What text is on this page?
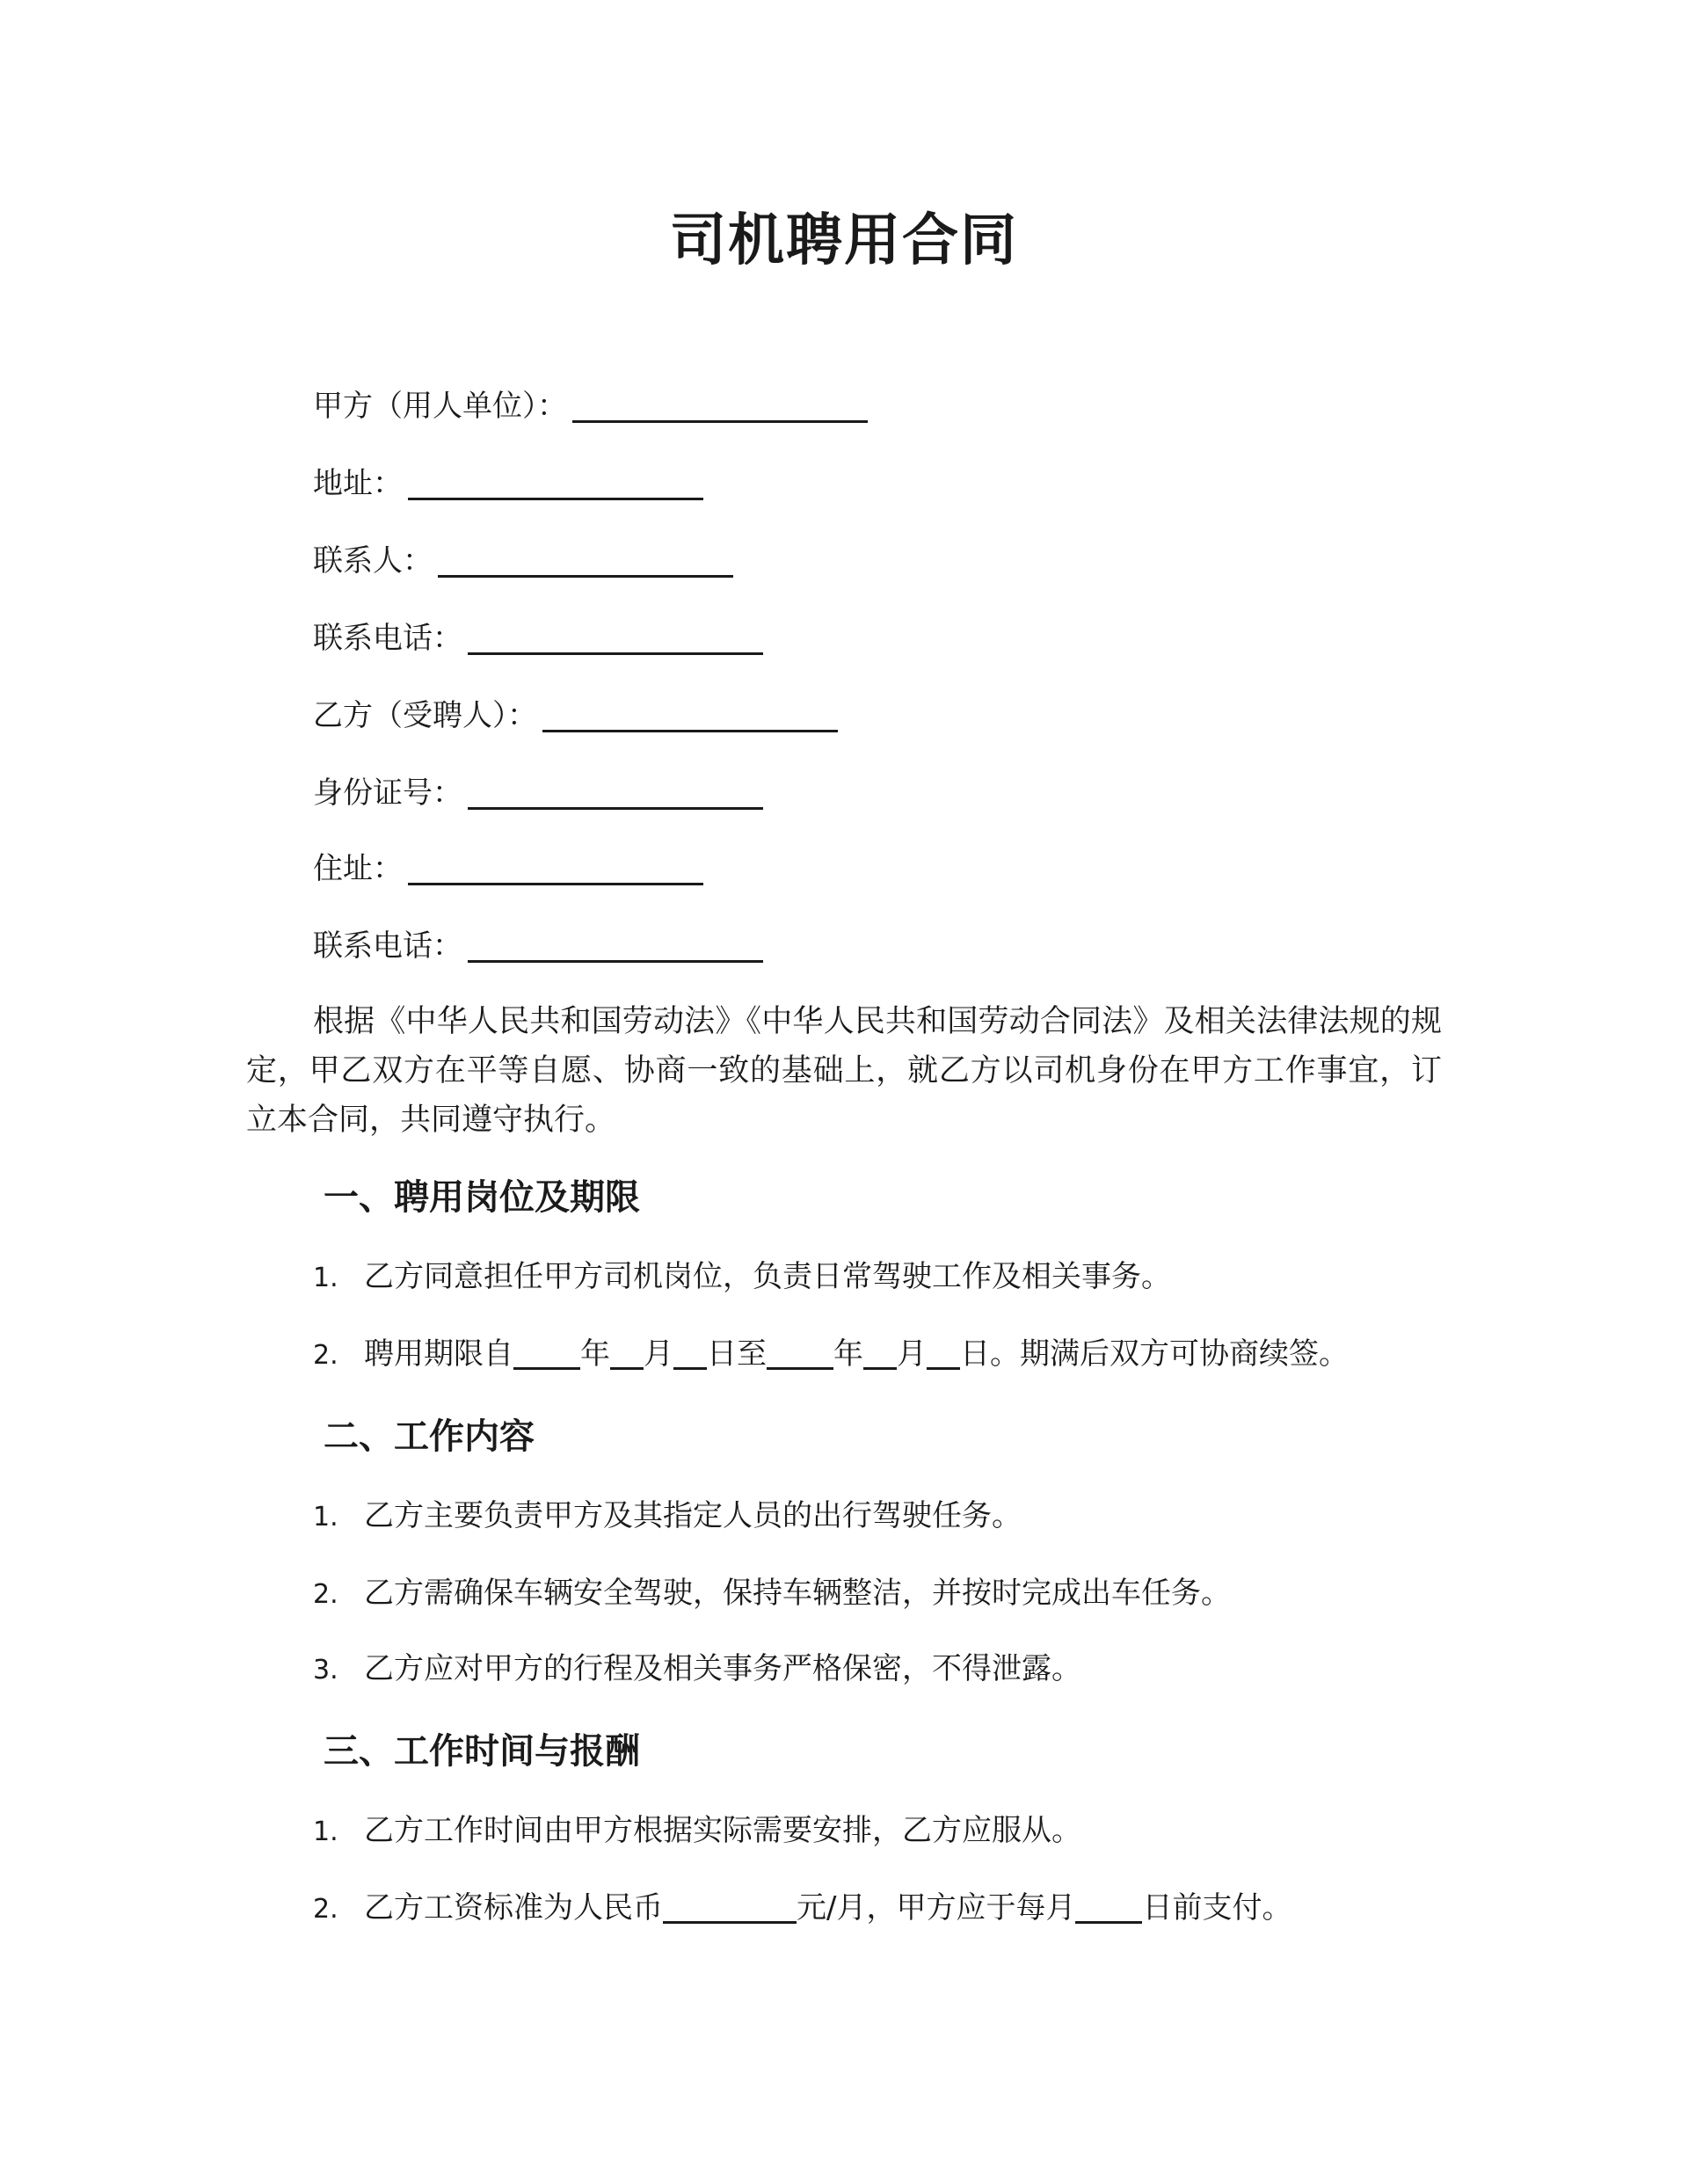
司机聘用合同
甲方（用人单位）：
地址：
联系人：
联系电话：
乙方（受聘人）：
身份证号：
住址：
联系电话：
根据《中华人民共和国劳动法》《中华人民共和国劳动合同法》及相关法律法规的规定，甲乙双方在平等自愿、协商一致的基础上，就乙方以司机身份在甲方工作事宜，订立本合同，共同遵守执行。
一、聘用岗位及期限
1. 乙方同意担任甲方司机岗位，负责日常驾驶工作及相关事务。
2. 聘用期限自 年 月 日至 年 月 日。期满后双方可协商续签。
二、工作内容
1. 乙方主要负责甲方及其指定人员的出行驾驶任务。
2. 乙方需确保车辆安全驾驶，保持车辆整洁，并按时完成出车任务。
3. 乙方应对甲方的行程及相关事务严格保密，不得泄露。
三、工作时间与报酬
1. 乙方工作时间由甲方根据实际需要安排，乙方应服从。
2. 乙方工资标准为人民币	元/月，甲方应于每月 日前支付。
